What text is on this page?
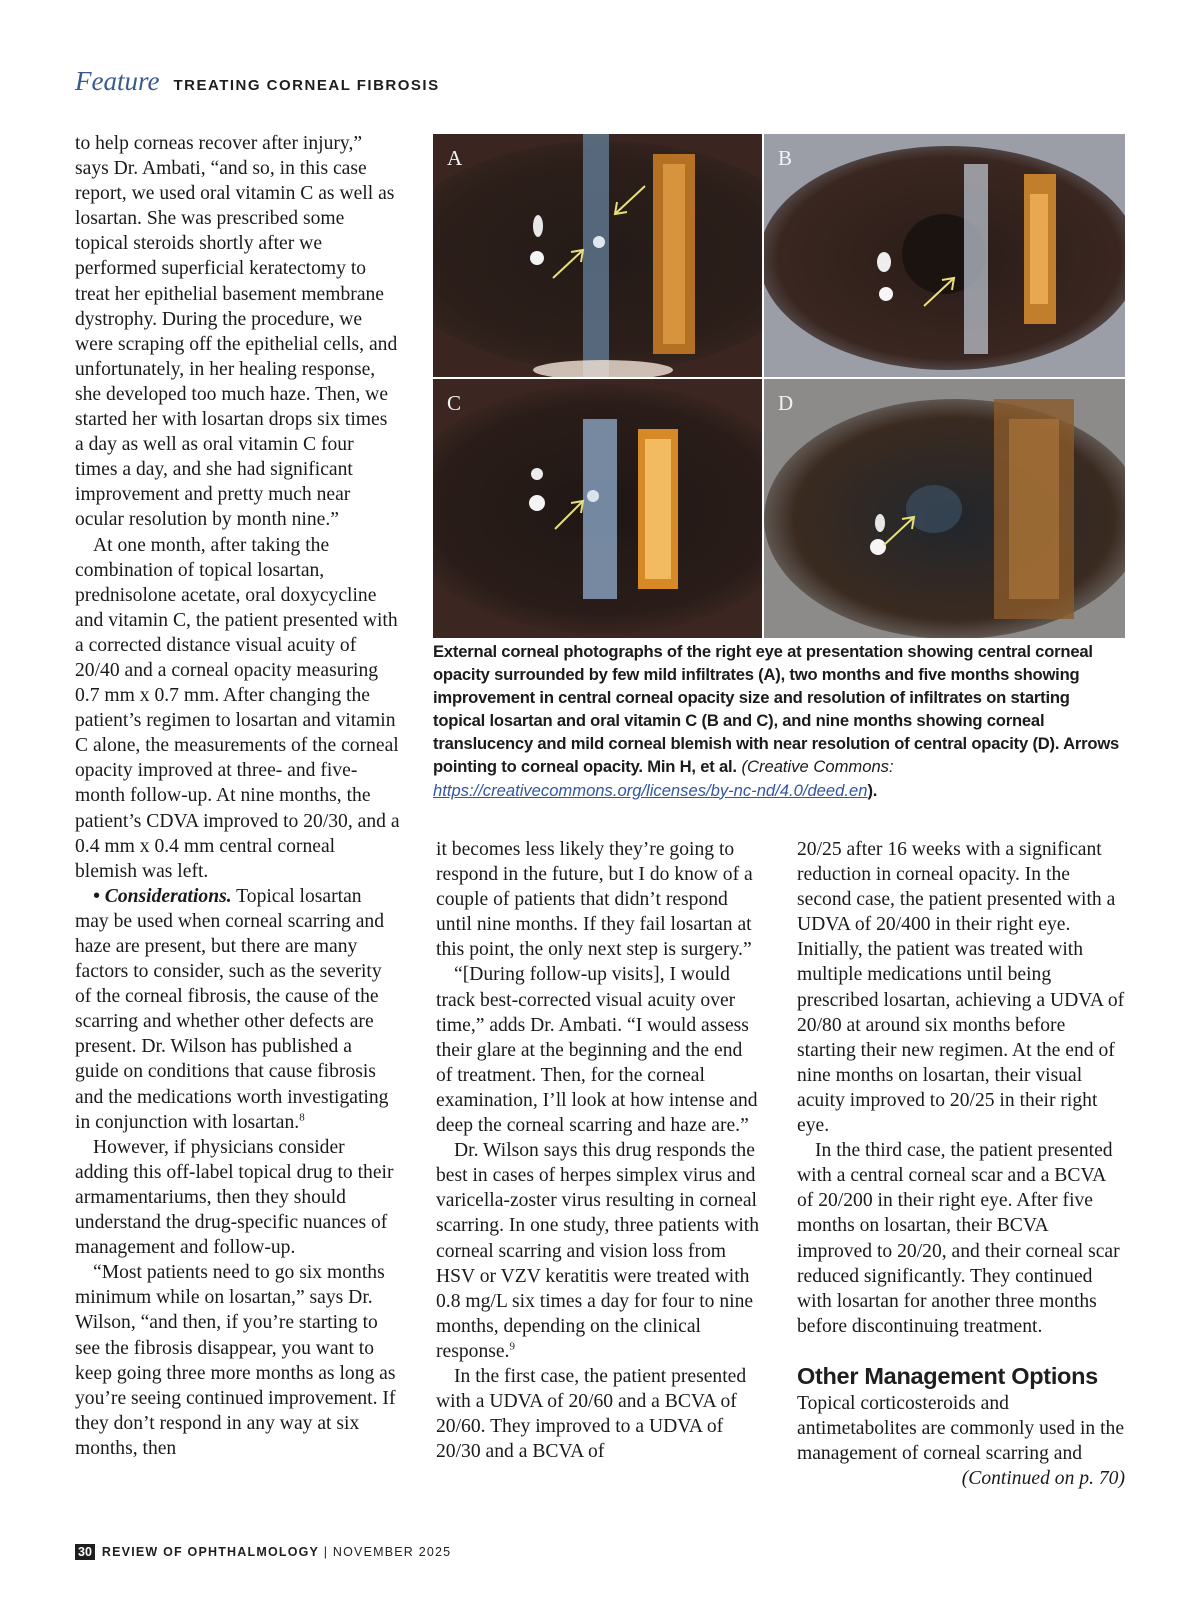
Feature TREATING CORNEAL FIBROSIS

to help corneas recover after injury,” says Dr. Ambati, “and so, in this case report, we used oral vitamin C as well as losartan. She was prescribed some topical steroids shortly after we performed superficial keratectomy to treat her epithelial basement membrane dystrophy. During the procedure, we were scraping off the epithelial cells, and unfortunately, in her healing response, she developed too much haze. Then, we started her with losartan drops six times a day as well as oral vitamin C four times a day, and she had significant improvement and pretty much near ocular resolution by month nine.”

At one month, after taking the combination of topical losartan, prednisolone acetate, oral doxycycline and vitamin C, the patient presented with a corrected distance visual acuity of 20/40 and a corneal opacity measuring 0.7 mm x 0.7 mm. After changing the patient’s regimen to losartan and vitamin C alone, the measurements of the corneal opacity improved at three- and five-month follow-up. At nine months, the patient’s CDVA improved to 20/30, and a 0.4 mm x 0.4 mm central corneal blemish was left.

• Considerations. Topical losartan may be used when corneal scarring and haze are present, but there are many factors to consider, such as the severity of the corneal fibrosis, the cause of the scarring and whether other defects are present. Dr. Wilson has published a guide on conditions that cause fibrosis and the medications worth investigating in conjunction with losartan.$^8$

However, if physicians consider adding this off-label topical drug to their armamentariums, then they should understand the drug-specific nuances of management and follow-up.

“Most patients need to go six months minimum while on losartan,” says Dr. Wilson, “and then, if you’re starting to see the fibrosis disappear, you want to keep going three more months as long as you’re seeing continued improvement. If they don’t respond in any way at six months, then

A	B
C	D
External corneal photographs of the right eye at presentation showing central corneal opacity surrounded by few mild infiltrates (A), two months and five months showing improvement in central corneal opacity size and resolution of infiltrates on starting topical losartan and oral vitamin C (B and C), and nine months showing corneal translucency and mild corneal blemish with near resolution of central opacity (D). Arrows pointing to corneal opacity. Min H, et al. (Creative Commons: https://creativecommons.org/licenses/by-nc-nd/4.0/deed.en).

it becomes less likely they’re going to respond in the future, but I do know of a couple of patients that didn’t respond until nine months. If they fail losartan at this point, the only next step is surgery.”

“[During follow-up visits], I would track best-corrected visual acuity over time,” adds Dr. Ambati. “I would assess their glare at the beginning and the end of treatment. Then, for the corneal examination, I’ll look at how intense and deep the corneal scarring and haze are.”

Dr. Wilson says this drug responds the best in cases of herpes simplex virus and varicella-zoster virus resulting in corneal scarring. In one study, three patients with corneal scarring and vision loss from HSV or VZV keratitis were treated with 0.8 mg/L six times a day for four to nine months, depending on the clinical response.$^9$

In the first case, the patient presented with a UDVA of 20/60 and a BCVA of 20/60. They improved to a UDVA of 20/30 and a BCVA of

20/25 after 16 weeks with a significant reduction in corneal opacity. In the second case, the patient presented with a UDVA of 20/400 in their right eye. Initially, the patient was treated with multiple medications until being prescribed losartan, achieving a UDVA of 20/80 at around six months before starting their new regimen. At the end of nine months on losartan, their visual acuity improved to 20/25 in their right eye.

In the third case, the patient presented with a central corneal scar and a BCVA of 20/200 in their right eye. After five months on losartan, their BCVA improved to 20/20, and their corneal scar reduced significantly. They continued with losartan for another three months before discontinuing treatment.

Other Management Options

Topical corticosteroids and antimetabolites are commonly used in the management of corneal scarring and

(Continued on p. 70)

30 REVIEW OF OPHTHALMOLOGY | NOVEMBER 2025
